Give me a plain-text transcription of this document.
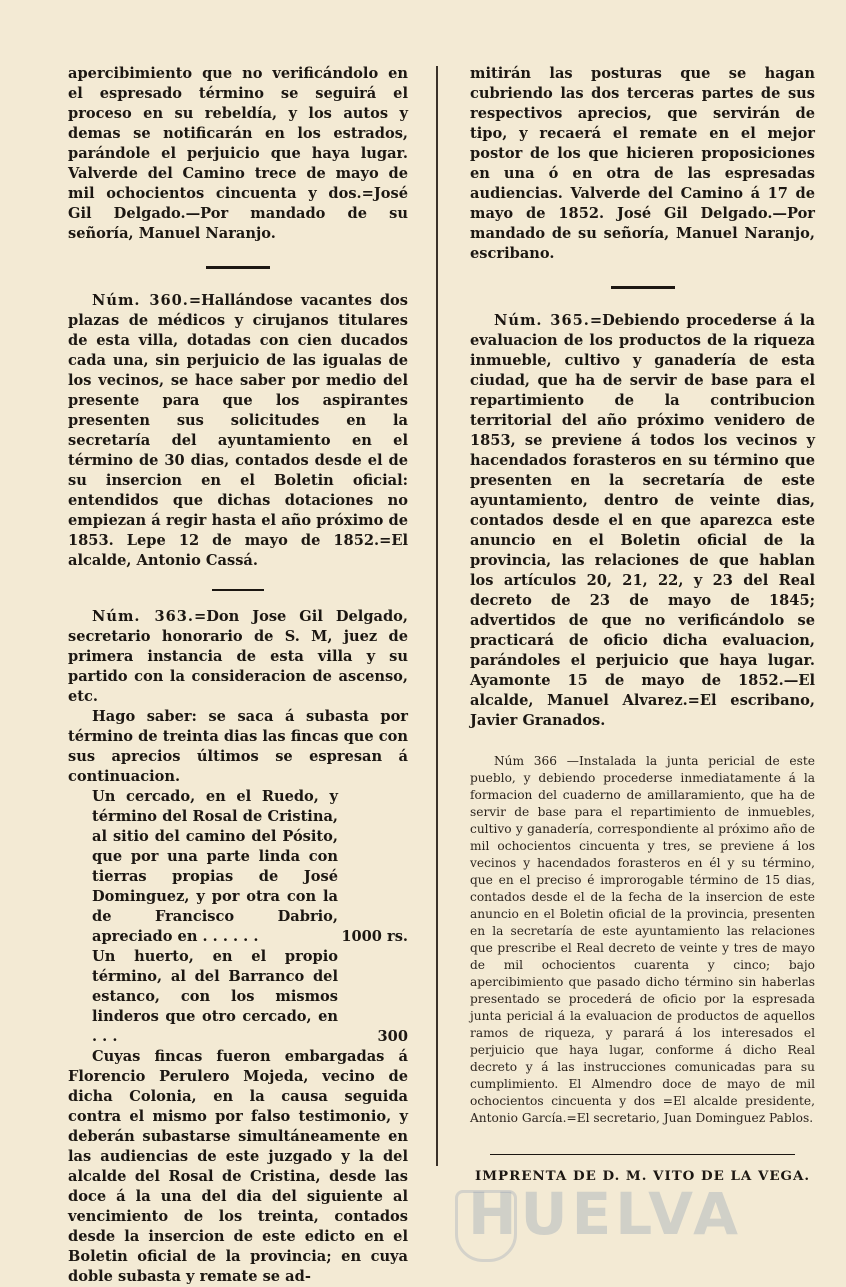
apercibimiento que no verificándolo en el espresado término se seguirá el proceso en su rebeldía, y los autos y demas se notificarán en los estrados, parándole el perjuicio que haya lugar. Valverde del Camino trece de mayo de mil ochocientos cincuenta y dos.=José Gil Delgado.—Por mandado de su señoría, Manuel Naranjo.

Núm. 360.=Hallándose vacantes dos plazas de médicos y cirujanos titulares de esta villa, dotadas con cien ducados cada una, sin perjuicio de las igualas de los vecinos, se hace saber por medio del presente para que los aspirantes presenten sus solicitudes en la secretaría del ayuntamiento en el término de 30 dias, contados desde el de su insercion en el Boletin oficial: entendidos que dichas dotaciones no empiezan á regir hasta el año próximo de 1853. Lepe 12 de mayo de 1852.=El alcalde, Antonio Cassá.

Núm. 363.=Don Jose Gil Delgado, secretario honorario de S. M, juez de primera instancia de esta villa y su partido con la consideracion de ascenso, etc.

Hago saber: se saca á subasta por término de treinta dias las fincas que con sus aprecios últimos se espresan á continuacion.

Un cercado, en el Ruedo, y término del Rosal de Cristina, al sitio del camino del Pósito, que por una parte linda con tierras propias de José Dominguez, y por otra con la de Francisco Dabrio, apreciado en . . . . . .	1000 rs.
Un huerto, en el propio término, al del Barranco del estanco, con los mismos linderos que otro cercado, en . . .	300

Cuyas fincas fueron embargadas á Florencio Perulero Mojeda, vecino de dicha Colonia, en la causa seguida contra el mismo por falso testimonio, y deberán subastarse simultáneamente en las audiencias de este juzgado y la del alcalde del Rosal de Cristina, desde las doce á la una del dia del siguiente al vencimiento de los treinta, contados desde la insercion de este edicto en el Boletin oficial de la provincia; en cuya doble subasta y remate se ad-

mitirán las posturas que se hagan cubriendo las dos terceras partes de sus respectivos aprecios, que servirán de tipo, y recaerá el remate en el mejor postor de los que hicieren proposiciones en una ó en otra de las espresadas audiencias. Valverde del Camino á 17 de mayo de 1852. José Gil Delgado.—Por mandado de su señoría, Manuel Naranjo, escribano.

Núm. 365.=Debiendo procederse á la evaluacion de los productos de la riqueza inmueble, cultivo y ganadería de esta ciudad, que ha de servir de base para el repartimiento de la contribucion territorial del año próximo venidero de 1853, se previene á todos los vecinos y hacendados forasteros en su término que presenten en la secretaría de este ayuntamiento, dentro de veinte dias, contados desde el en que aparezca este anuncio en el Boletin oficial de la provincia, las relaciones de que hablan los artículos 20, 21, 22, y 23 del Real decreto de 23 de mayo de 1845; advertidos de que no verificándolo se practicará de oficio dicha evaluacion, parándoles el perjuicio que haya lugar. Ayamonte 15 de mayo de 1852.—El alcalde, Manuel Alvarez.=El escribano, Javier Granados.

Núm 366 —Instalada la junta pericial de este pueblo, y debiendo procederse inmediatamente á la formacion del cuaderno de amillaramiento, que ha de servir de base para el repartimiento de inmuebles, cultivo y ganadería, correspondiente al próximo año de mil ochocientos cincuenta y tres, se previene á los vecinos y hacendados forasteros en él y su término, que en el preciso é improrogable término de 15 dias, contados desde el de la fecha de la insercion de este anuncio en el Boletin oficial de la provincia, presenten en la secretaría de este ayuntamiento las relaciones que prescribe el Real decreto de veinte y tres de mayo de mil ochocientos cuarenta y cinco; bajo apercibimiento que pasado dicho término sin haberlas presentado se procederá de oficio por la espresada junta pericial á la evaluacion de productos de aquellos ramos de riqueza, y parará á los interesados el perjuicio que haya lugar, conforme á dicho Real decreto y á las instrucciones comunicadas para su cumplimiento. El Almendro doce de mayo de mil ochocientos cincuenta y dos =El alcalde presidente, Antonio García.=El secretario, Juan Dominguez Pablos.

IMPRENTA DE D. M. VITO DE LA VEGA.
HUELVA
